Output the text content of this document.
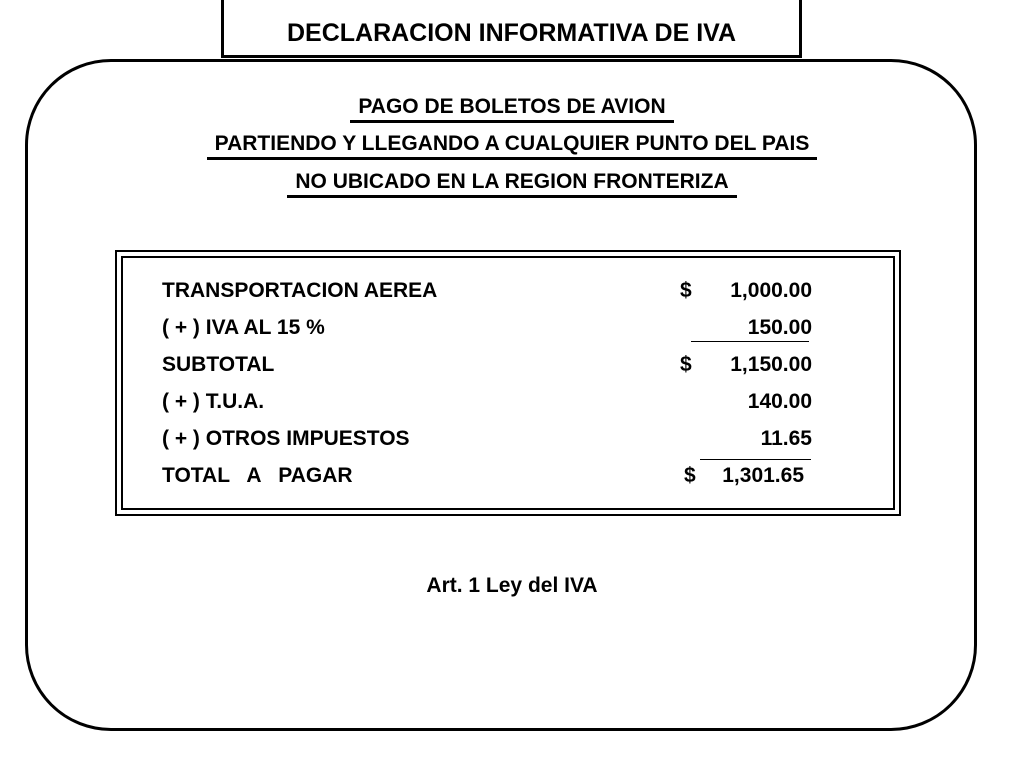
DECLARACION INFORMATIVA DE IVA
PAGO DE BOLETOS DE AVION
PARTIENDO Y LLEGANDO A CUALQUIER PUNTO DEL PAIS
NO UBICADO EN LA REGION FRONTERIZA
TRANSPORTACION AEREA	$ 1,000.00
( + ) IVA AL 15 %	150.00
SUBTOTAL	$ 1,150.00
( + ) T.U.A.	140.00
( + ) OTROS IMPUESTOS	11.65
TOTAL   A   PAGAR	$ 1,301.65
Art. 1 Ley del IVA
